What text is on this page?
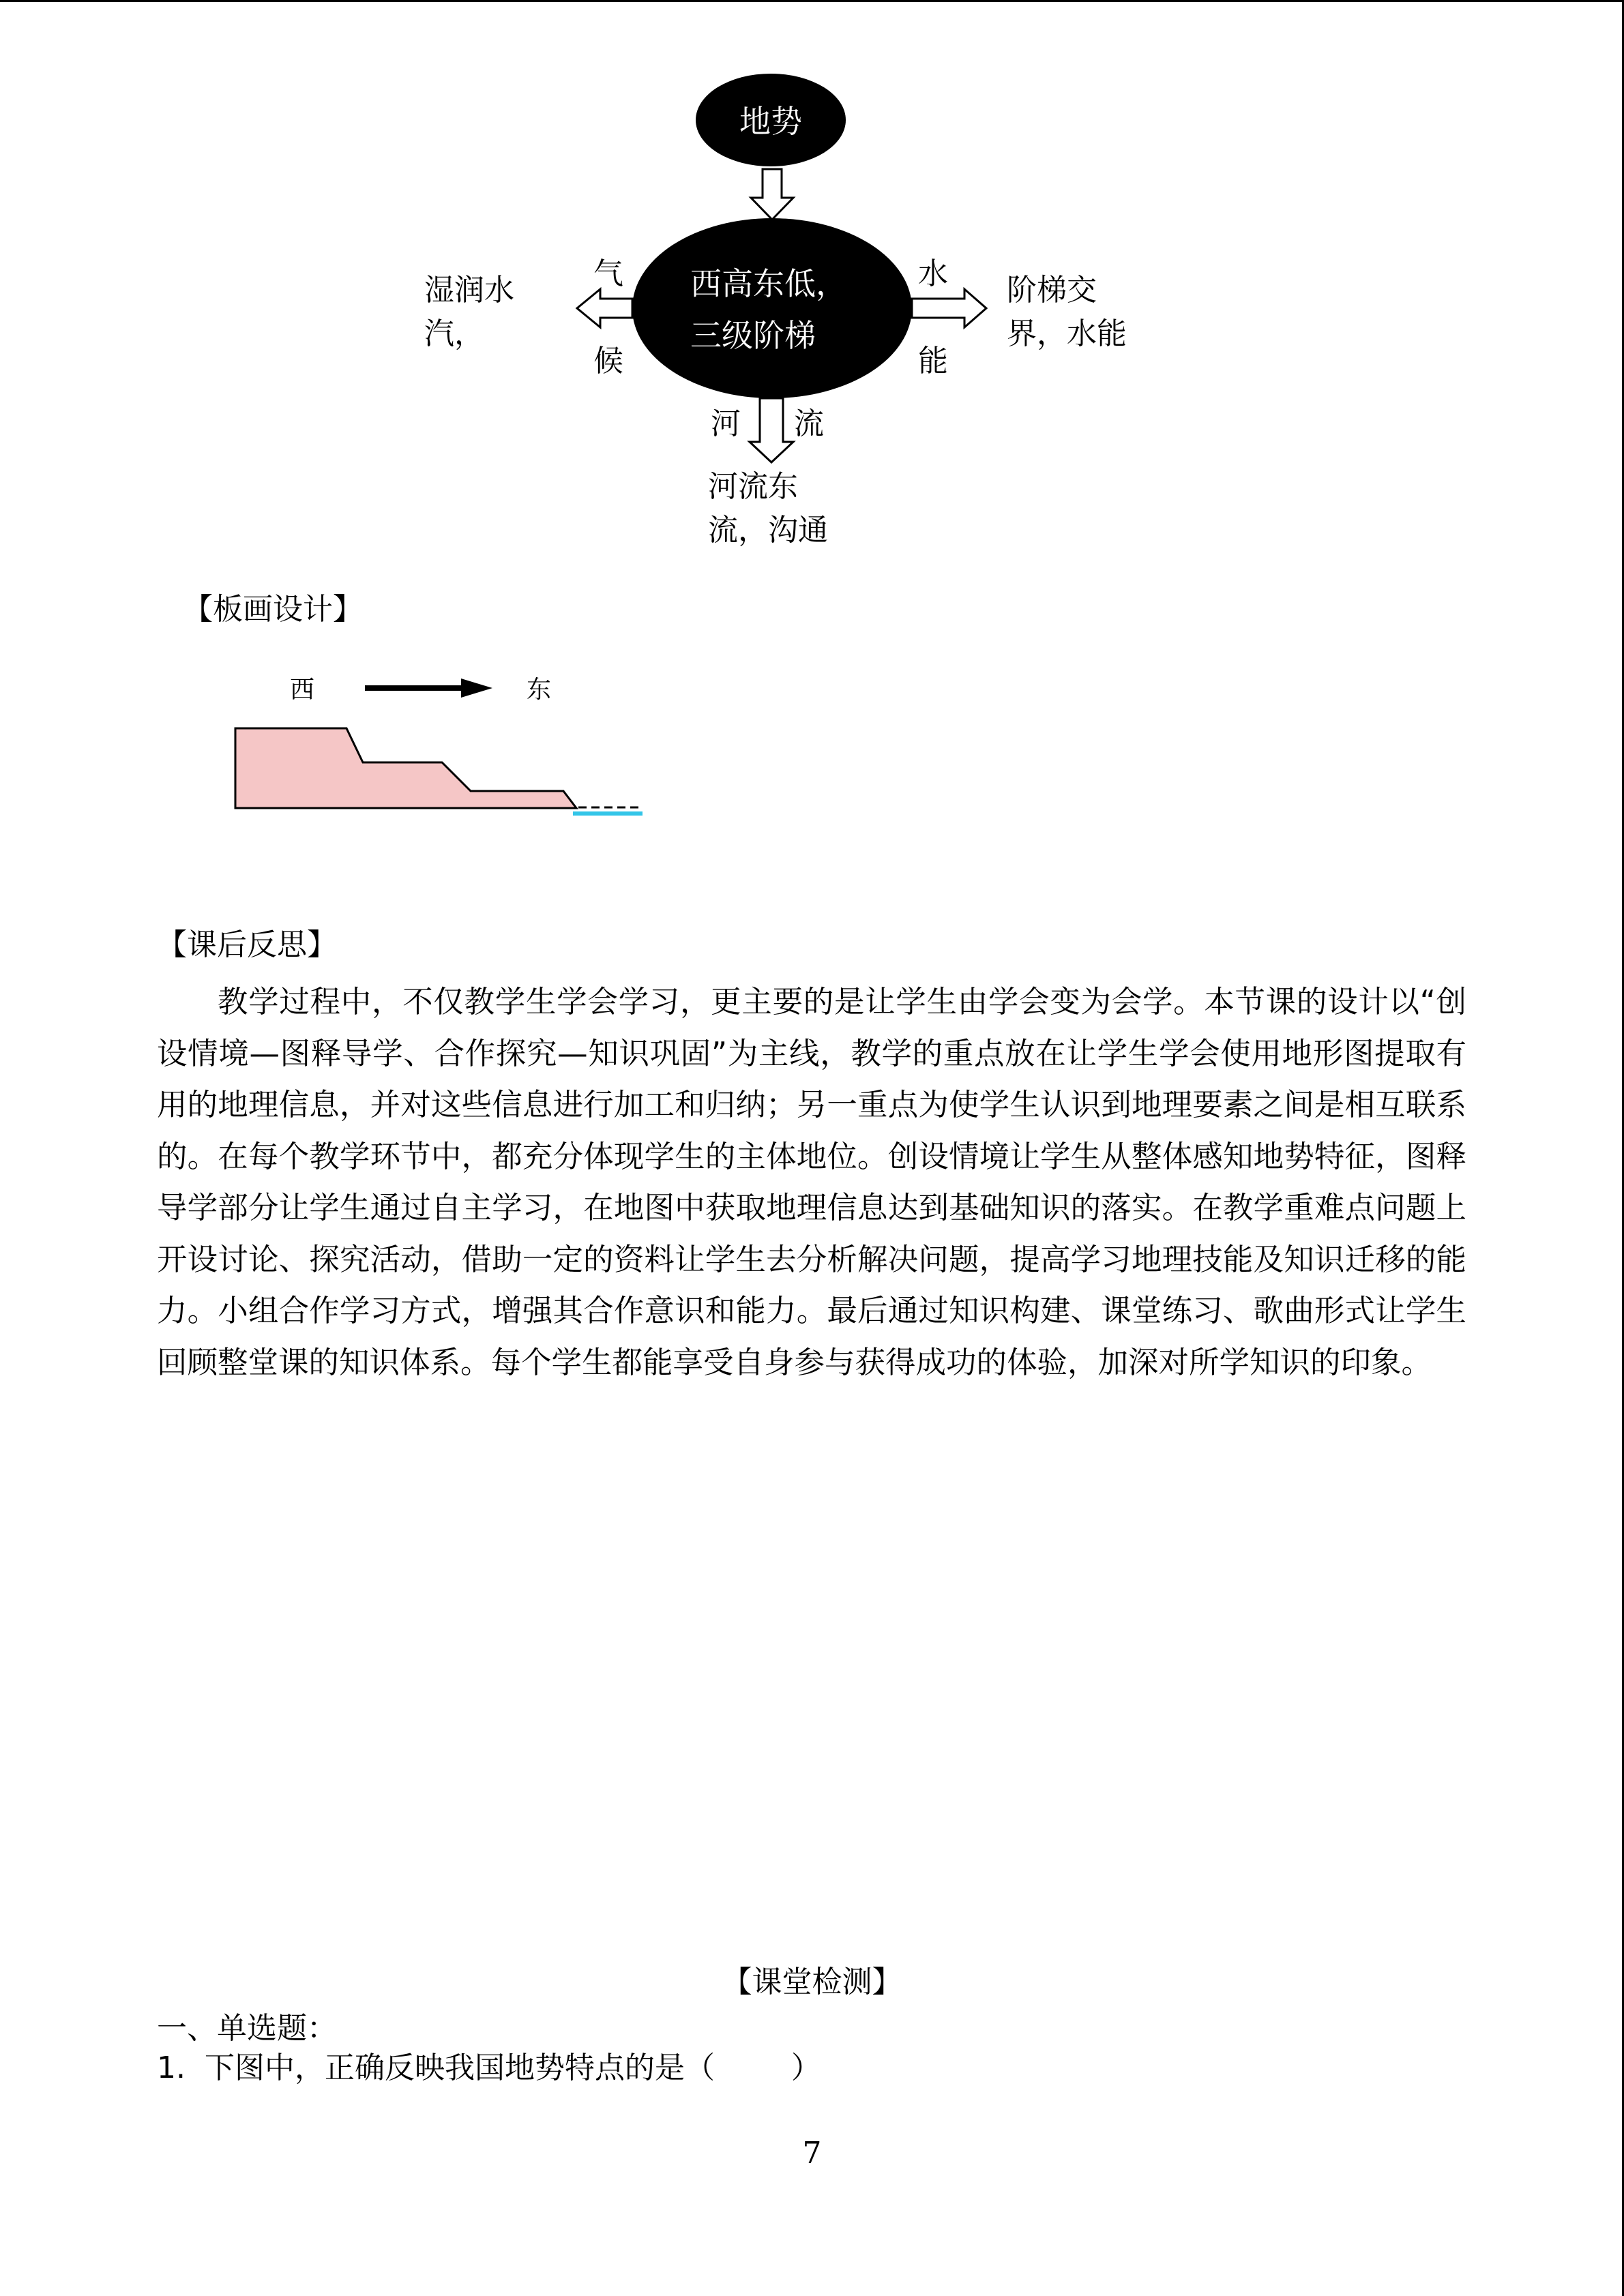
地势
西高东低，
三级阶梯
气
候
湿润水
汽，
水
能
阶梯交
界，水能
河 流
河流东
流，沟通
【板画设计】
西	东
【课后反思】

教学过程中，不仅教学生学会学习，更主要的是让学生由学会变为会学。本节课的设计以“创设情境—图释导学、合作探究—知识巩固”为主线，教学的重点放在让学生学会使用地形图提取有用的地理信息，并对这些信息进行加工和归纳；另一重点为使学生认识到地理要素之间是相互联系的。在每个教学环节中，都充分体现学生的主体地位。创设情境让学生从整体感知地势特征，图释导学部分让学生通过自主学习，在地图中获取地理信息达到基础知识的落实。在教学重难点问题上开设讨论、探究活动，借助一定的资料让学生去分析解决问题，提高学习地理技能及知识迁移的能力。小组合作学习方式，增强其合作意识和能力。最后通过知识构建、课堂练习、歌曲形式让学生回顾整堂课的知识体系。每个学生都能享受自身参与获得成功的体验，加深对所学知识的印象。

【课堂检测】
一、单选题：
1.  下图中，正确反映我国地势特点的是（        ）
7
